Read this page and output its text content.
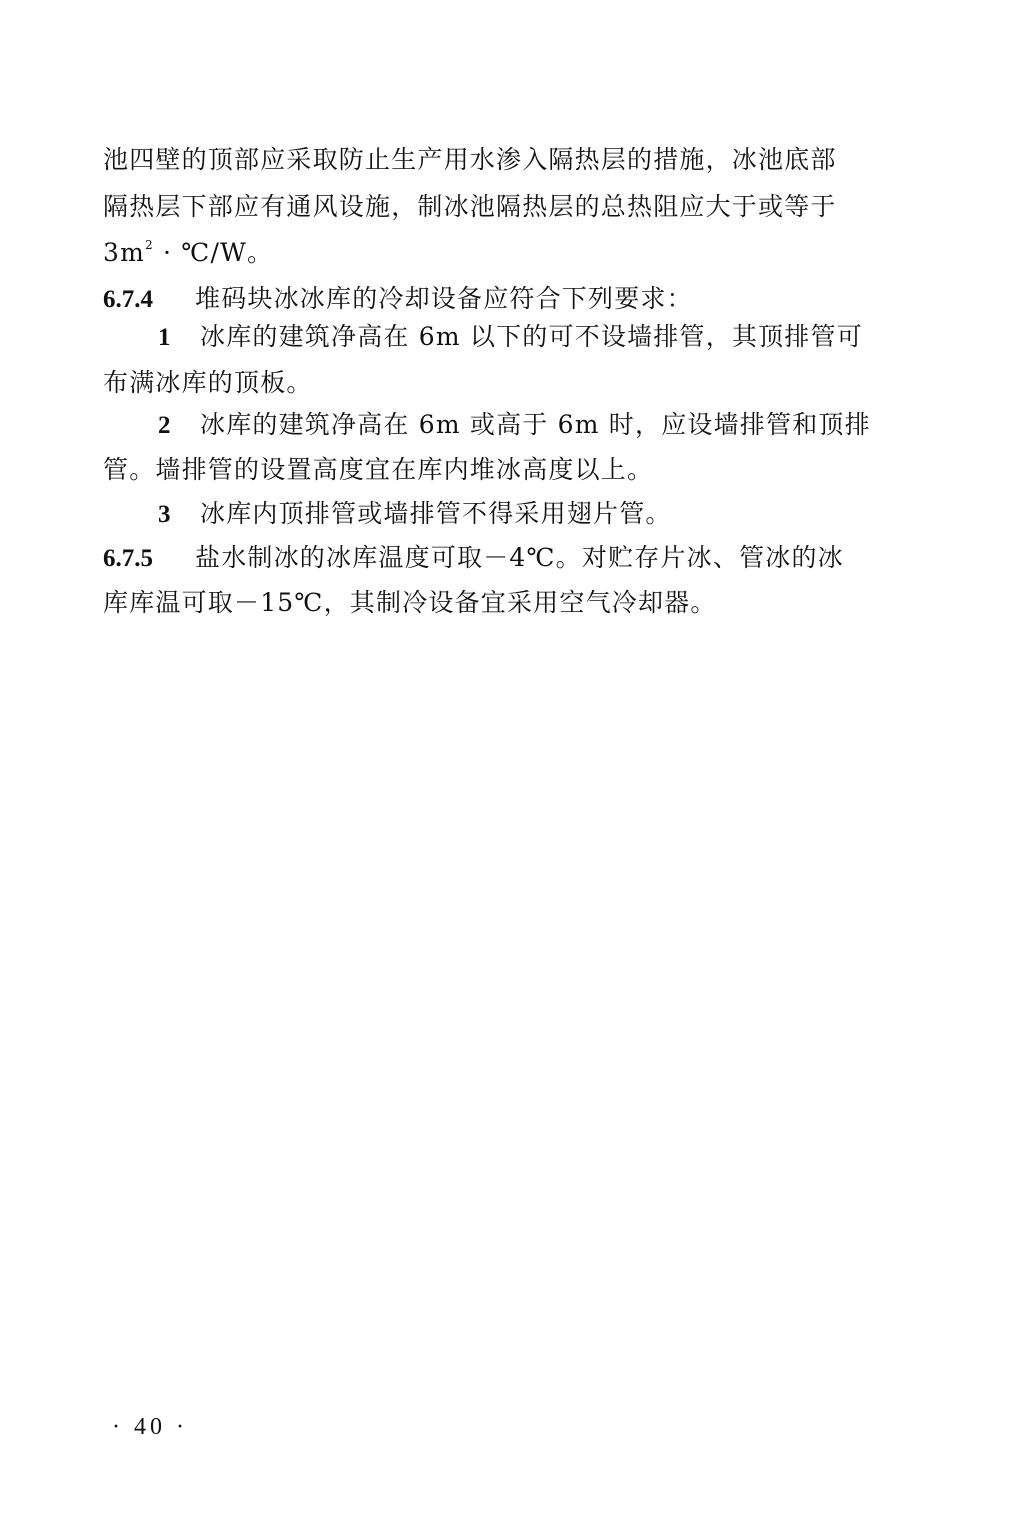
池四壁的顶部应采取防止生产用水渗入隔热层的措施，冰池底部
隔热层下部应有通风设施，制冰池隔热层的总热阻应大于或等于
$3m^2$ · ℃/W。
6.7.4 堆码块冰冰库的冷却设备应符合下列要求：
1 冰库的建筑净高在 6m 以下的可不设墙排管，其顶排管可
布满冰库的顶板。
2 冰库的建筑净高在 6m 或高于 6m 时，应设墙排管和顶排
管。墙排管的设置高度宜在库内堆冰高度以上。
3 冰库内顶排管或墙排管不得采用翅片管。
6.7.5 盐水制冰的冰库温度可取－4℃。对贮存片冰、管冰的冰
库库温可取－15℃，其制冷设备宜采用空气冷却器。
· 40 ·
